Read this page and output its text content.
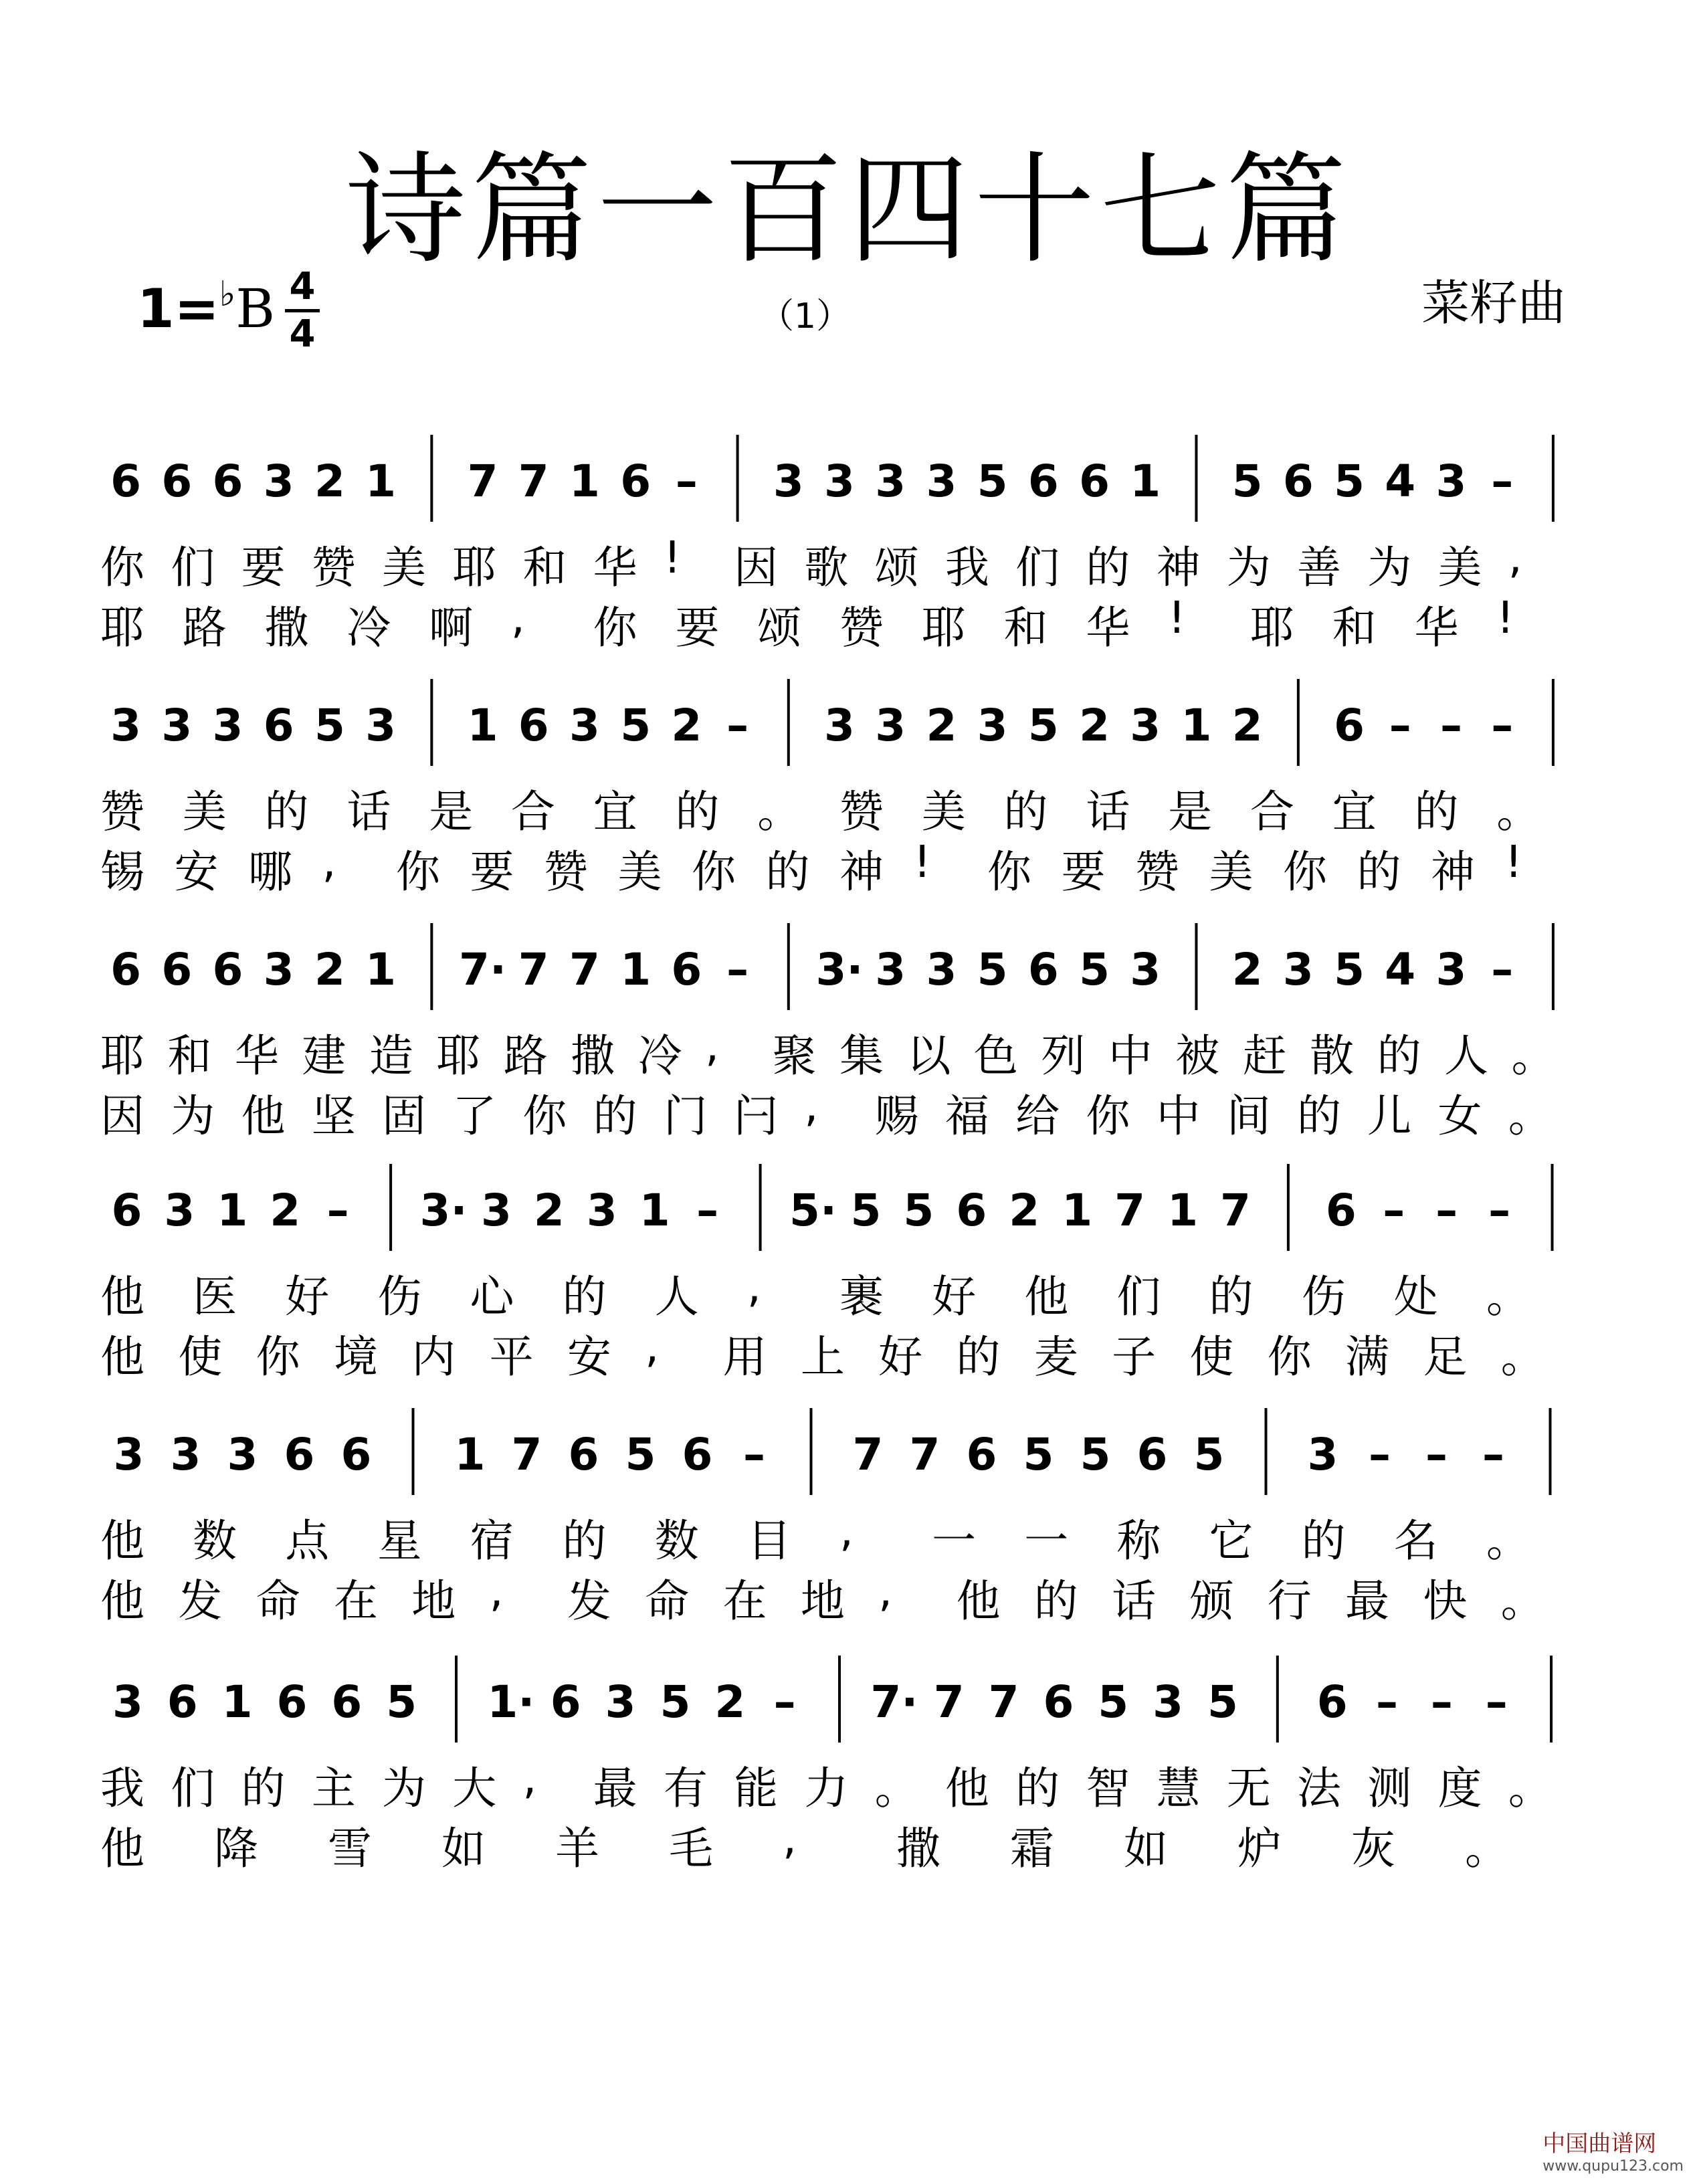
诗篇一百四十七篇
1=♭B 4
4	（1）	菜籽曲
6 6 6 3 2 1 7 7 1 6 – 3 3 3 3 5 6 6 1 5 6 5 4 3 –
你 们 要 赞 美 耶 和 华 ! 因 歌 颂 我 们 的 神 为 善 为 美 ,
耶 路 撒 冷 啊 , 你 要 颂 赞 耶 和 华 ! 耶 和 华 !
3 3 3 6 5 3 1 6 3 5 2 – 3 3 2 3 5 2 3 1 2 6 – – –
赞 美 的 话 是 合 宜 的 。 赞 美 的 话 是 合 宜 的 。
锡 安 哪 , 你 要 赞 美 你 的 神 ! 你 要 赞 美 你 的 神 !
6 6 6 3 2 1 7· 7 7 1 6 – 3· 3 3 5 6 5 3 2 3 5 4 3 –
耶 和 华 建 造 耶 路 撒 冷 , 聚 集 以 色 列 中 被 赶 散 的 人 。
因 为 他 坚 固 了 你 的 门 闩 , 赐 福 给 你 中 间 的 儿 女 。
6 3 1 2 – 3· 3 2 3 1 – 5· 5 5 6 2 1 7 1 7 6 – – –
他 医 好 伤 心 的 人 , 裹 好 他 们 的 伤 处 。
他 使 你 境 内 平 安 , 用 上 好 的 麦 子 使 你 满 足 。
3 3 3 6 6 1 7 6 5 6 – 7 7 6 5 5 6 5 3 – – –
他 数 点 星 宿 的 数 目 , 一 一 称 它 的 名 。
他 发 命 在 地 , 发 命 在 地 , 他 的 话 颁 行 最 快 。
3 6 1 6 6 5 1· 6 3 5 2 – 7· 7 7 6 5 3 5 6 – – –
我 们 的 主 为 大 , 最 有 能 力 。 他 的 智 慧 无 法 测 度 。
他 降 雪 如 羊 毛 , 撒 霜 如 炉 灰 。
中国曲谱网
www.qupu123.com
